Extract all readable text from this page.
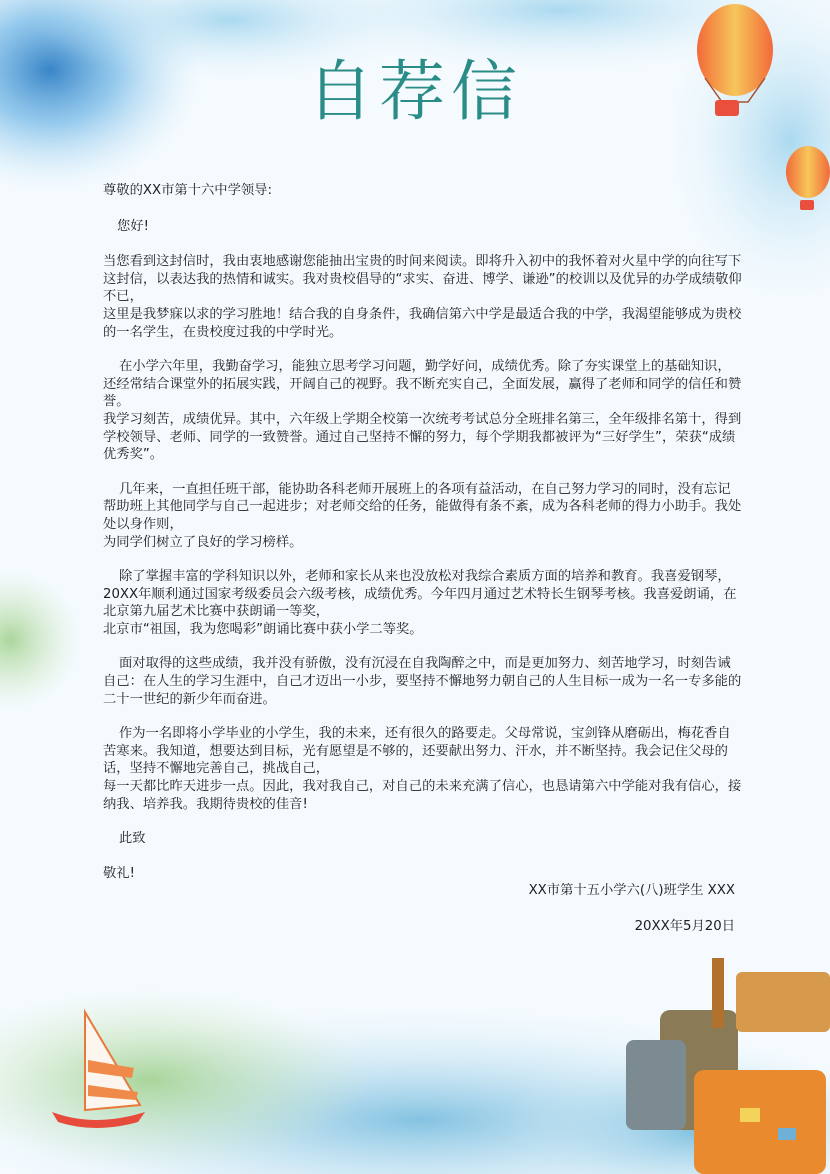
自荐信

尊敬的XX市第十六中学领导:

您好!

当您看到这封信时，我由衷地感谢您能抽出宝贵的时间来阅读。即将升入初中的我怀着对火星中学的向往写下这封信，以表达我的热情和诚实。我对贵校倡导的“求实、奋进、博学、谦逊”的校训以及优异的办学成绩敬仰不已，

这里是我梦寐以求的学习胜地！结合我的自身条件，我确信第六中学是最适合我的中学，我渴望能够成为贵校的一名学生，在贵校度过我的中学时光。

在小学六年里，我勤奋学习，能独立思考学习问题，勤学好问，成绩优秀。除了夯实课堂上的基础知识，还经常结合课堂外的拓展实践，开阔自己的视野。我不断充实自己，全面发展，赢得了老师和同学的信任和赞誉。

我学习刻苦，成绩优异。其中，六年级上学期全校第一次统考考试总分全班排名第三，全年级排名第十，得到学校领导、老师、同学的一致赞誉。通过自己坚持不懈的努力，每个学期我都被评为“三好学生”，荣获“成绩优秀奖”。

几年来，一直担任班干部，能协助各科老师开展班上的各项有益活动，在自己努力学习的同时，没有忘记帮助班上其他同学与自己一起进步；对老师交给的任务，能做得有条不紊，成为各科老师的得力小助手。我处处以身作则，

为同学们树立了良好的学习榜样。

除了掌握丰富的学科知识以外，老师和家长从来也没放松对我综合素质方面的培养和教育。我喜爱钢琴，20XX年顺利通过国家考级委员会六级考核，成绩优秀。今年四月通过艺术特长生钢琴考核。我喜爱朗诵，在北京第九届艺术比赛中获朗诵一等奖，

北京市“祖国，我为您喝彩”朗诵比赛中获小学二等奖。

面对取得的这些成绩，我并没有骄傲，没有沉浸在自我陶醉之中，而是更加努力、刻苦地学习，时刻告诫自己：在人生的学习生涯中，自己才迈出一小步，要坚持不懈地努力朝自己的人生目标一成为一名一专多能的二十一世纪的新少年而奋进。

作为一名即将小学毕业的小学生，我的未来，还有很久的路要走。父母常说，宝剑锋从磨砺出，梅花香自苦寒来。我知道，想要达到目标，光有愿望是不够的，还要献出努力、汗水，并不断坚持。我会记住父母的话，坚持不懈地完善自己，挑战自己，

每一天都比昨天进步一点。因此，我对我自己，对自己的未来充满了信心，也恳请第六中学能对我有信心，接纳我、培养我。我期待贵校的佳音!

此致

敬礼!

XX市第十五小学六(八)班学生 XXX

20XX年5月20日
